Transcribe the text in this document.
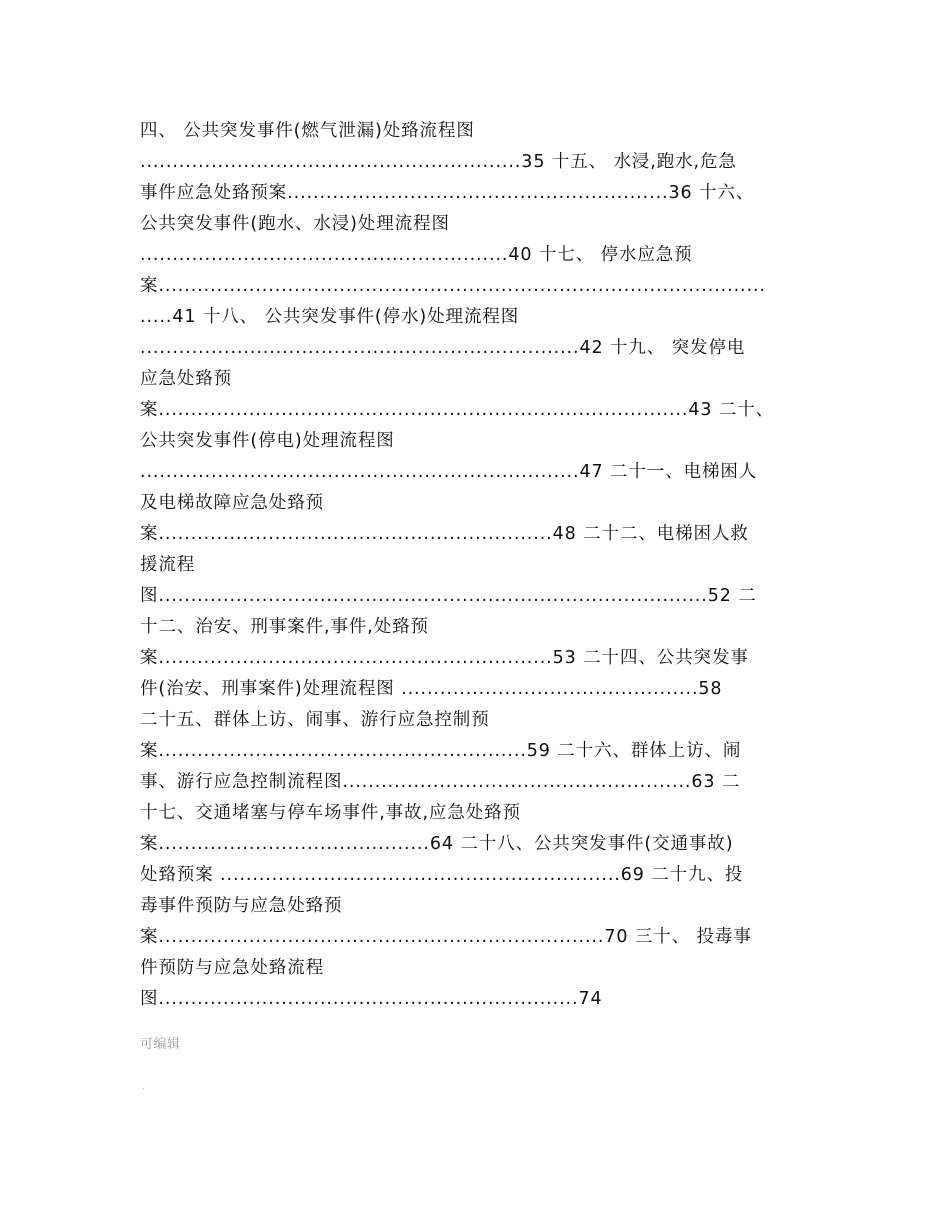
四、 公共突发事件(燃气泄漏)处臵流程图
...........................................................35 十五、 水浸,跑水,危急
事件应急处臵预案...........................................................36 十六、
公共突发事件(跑水、水浸)处理流程图
.........................................................40 十七、 停水应急预
案..............................................................................................
.....41 十八、 公共突发事件(停水)处理流程图
....................................................................42 十九、 突发停电
应急处臵预
案..................................................................................43 二十、
公共突发事件(停电)处理流程图
....................................................................47 二十一、电梯困人
及电梯故障应急处臵预
案.............................................................48 二十二、电梯困人救
援流程
图.....................................................................................52 二
十二、治安、刑事案件,事件,处臵预
案.............................................................53 二十四、公共突发事
件(治安、刑事案件)处理流程图 ..............................................58
二十五、群体上访、闹事、游行应急控制预
案.........................................................59 二十六、群体上访、闹
事、游行应急控制流程图......................................................63 二
十七、交通堵塞与停车场事件,事故,应急处臵预
案..........................................64 二十八、公共突发事件(交通事故)
处臵预案 ..............................................................69 二十九、投
毒事件预防与应急处臵预
案.....................................................................70 三十、 投毒事
件预防与应急处臵流程
图.................................................................74
可编辑
.
